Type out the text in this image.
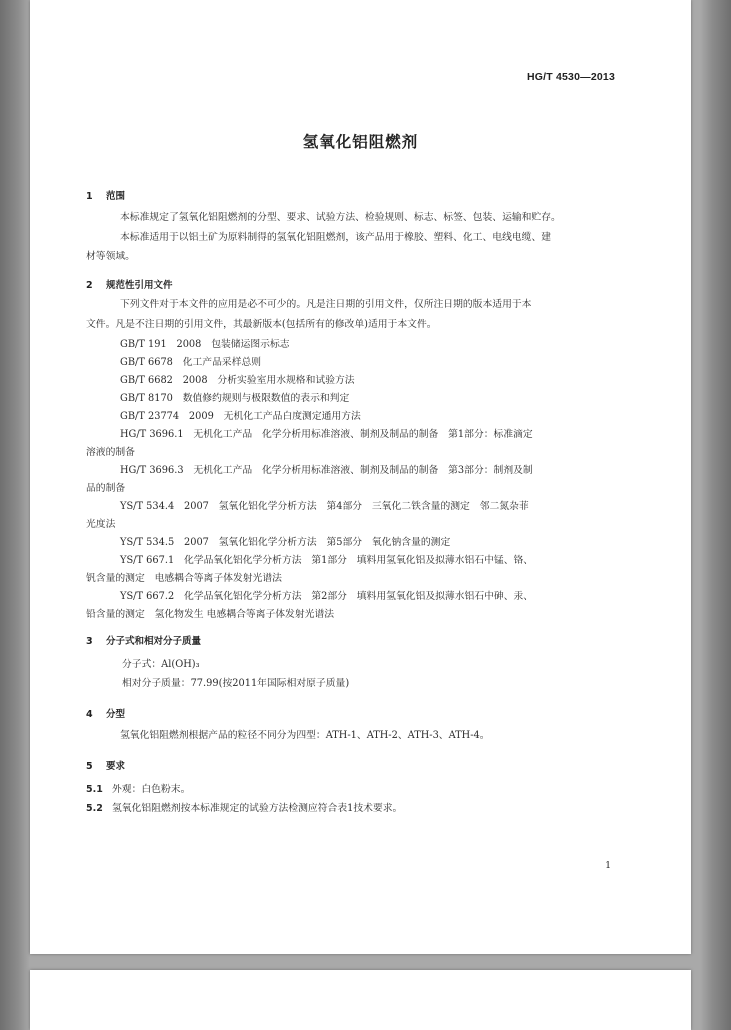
HG/T 4530—2013
氢氧化铝阻燃剂
1 范围
本标准规定了氢氧化铝阻燃剂的分型、要求、试验方法、检验规则、标志、标签、包装、运输和贮存。
本标准适用于以铝土矿为原料制得的氢氧化铝阻燃剂，该产品用于橡胶、塑料、化工、电线电缆、建
材等领域。
2 规范性引用文件
下列文件对于本文件的应用是必不可少的。凡是注日期的引用文件，仅所注日期的版本适用于本
文件。凡是不注日期的引用文件，其最新版本(包括所有的修改单)适用于本文件。
GB/T 191　2008　包装储运图示标志
GB/T 6678　化工产品采样总则
GB/T 6682　2008　分析实验室用水规格和试验方法
GB/T 8170　数值修约规则与极限数值的表示和判定
GB/T 23774　2009　无机化工产品白度测定通用方法
HG/T 3696.1　无机化工产品　化学分析用标准溶液、制剂及制品的制备　第1部分：标准滴定
溶液的制备
HG/T 3696.3　无机化工产品　化学分析用标准溶液、制剂及制品的制备　第3部分：制剂及制
品的制备
YS/T 534.4　2007　氢氧化铝化学分析方法　第4部分　三氧化二铁含量的测定　邻二氮杂菲
光度法
YS/T 534.5　2007　氢氧化铝化学分析方法　第5部分　氧化钠含量的测定
YS/T 667.1　化学品氧化铝化学分析方法　第1部分　填料用氢氧化铝及拟薄水铝石中锰、铬、
钒含量的测定　电感耦合等离子体发射光谱法
YS/T 667.2　化学品氧化铝化学分析方法　第2部分　填料用氢氧化铝及拟薄水铝石中砷、汞、
铅含量的测定　氢化物发生 电感耦合等离子体发射光谱法
3 分子式和相对分子质量
分子式：Al(OH)₃
相对分子质量：77.99(按2011年国际相对原子质量)
4 分型
氢氧化铝阻燃剂根据产品的粒径不同分为四型：ATH-1、ATH-2、ATH-3、ATH-4。
5 要求
5.1 外观：白色粉末。
5.2 氢氧化铝阻燃剂按本标准规定的试验方法检测应符合表1技术要求。
1
